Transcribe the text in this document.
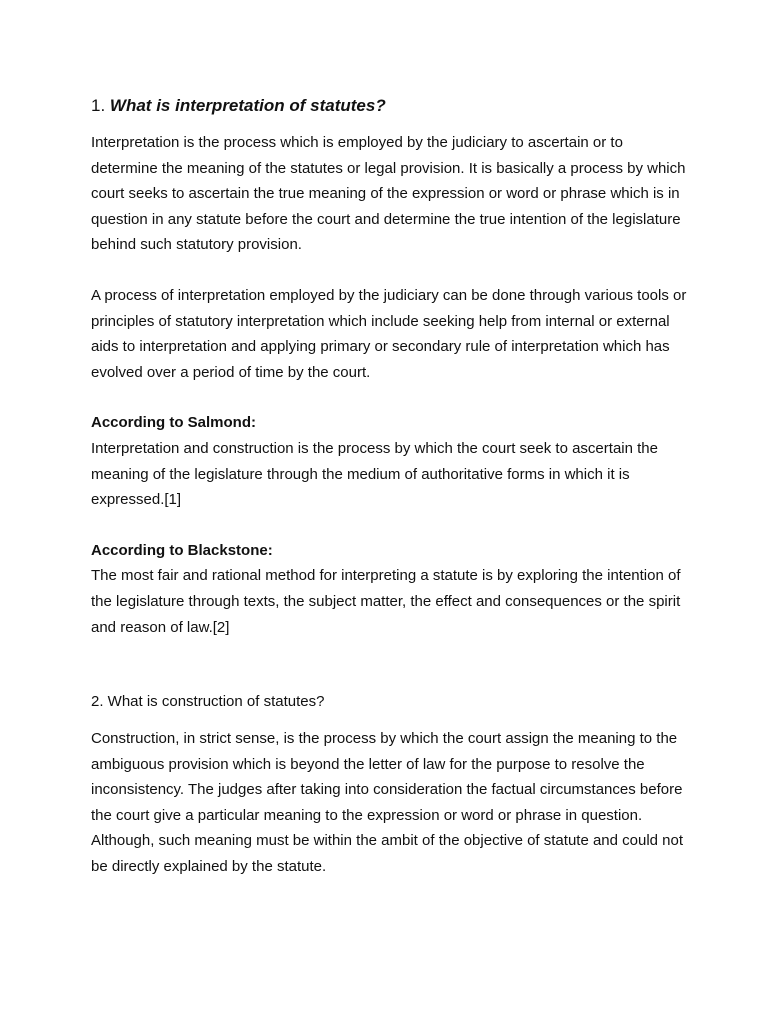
1. What is interpretation of statutes?

Interpretation is the process which is employed by the judiciary to ascertain or to determine the meaning of the statutes or legal provision. It is basically a process by which court seeks to ascertain the true meaning of the expression or word or phrase which is in question in any statute before the court and determine the true intention of the legislature behind such statutory provision.

A process of interpretation employed by the judiciary can be done through various tools or principles of statutory interpretation which include seeking help from internal or external aids to interpretation and applying primary or secondary rule of interpretation which has evolved over a period of time by the court.

According to Salmond:

Interpretation and construction is the process by which the court seek to ascertain the meaning of the legislature through the medium of authoritative forms in which it is expressed.[1]

According to Blackstone:

The most fair and rational method for interpreting a statute is by exploring the intention of the legislature through texts, the subject matter, the effect and consequences or the spirit and reason of law.[2]

2. What is construction of statutes?

Construction, in strict sense, is the process by which the court assign the meaning to the ambiguous provision which is beyond the letter of law for the purpose to resolve the inconsistency. The judges after taking into consideration the factual circumstances before the court give a particular meaning to the expression or word or phrase in question. Although, such meaning must be within the ambit of the objective of statute and could not be directly explained by the statute.
